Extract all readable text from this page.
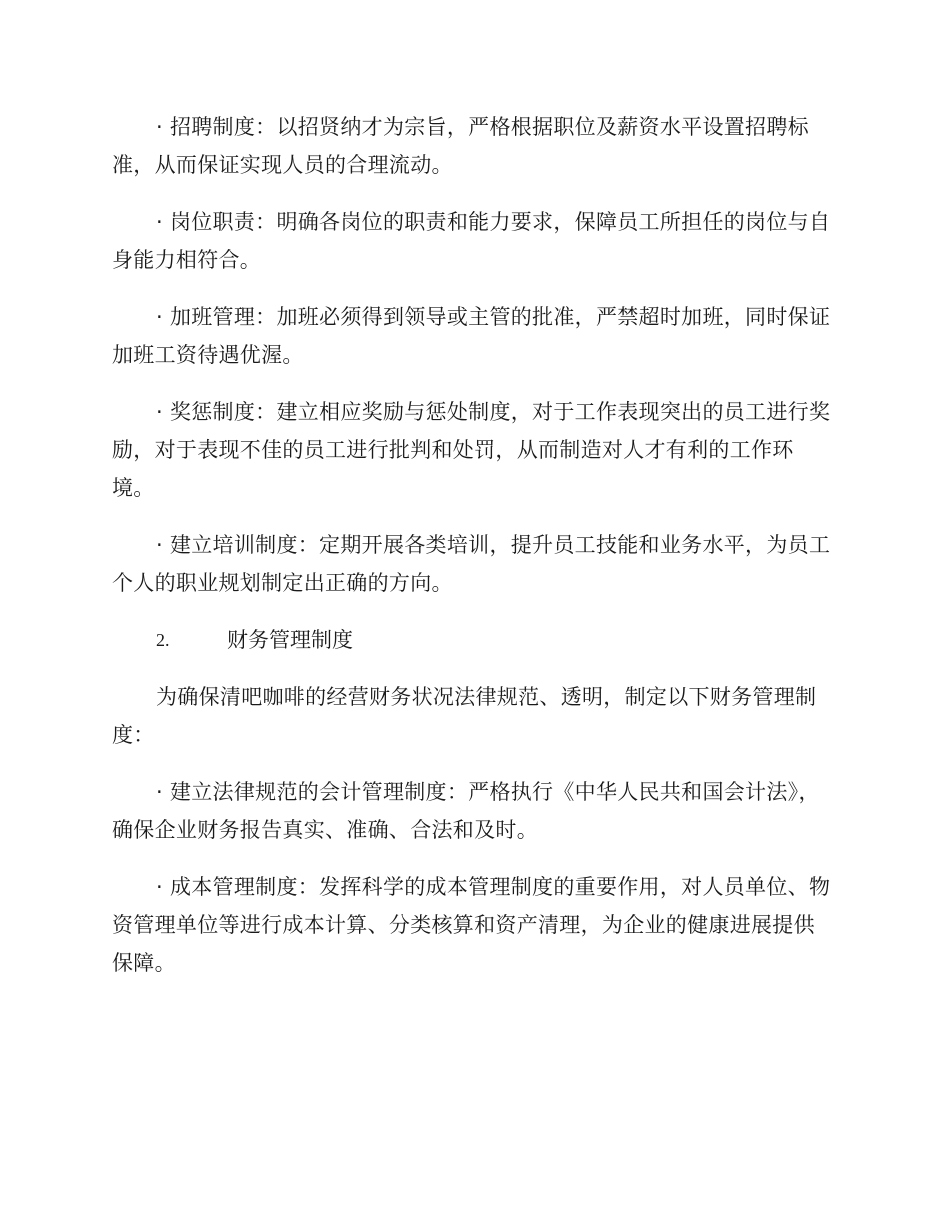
· 招聘制度：以招贤纳才为宗旨，严格根据职位及薪资水平设置招聘标准，从而保证实现人员的合理流动。

· 岗位职责：明确各岗位的职责和能力要求，保障员工所担任的岗位与自身能力相符合。

· 加班管理：加班必须得到领导或主管的批准，严禁超时加班，同时保证加班工资待遇优渥。

· 奖惩制度：建立相应奖励与惩处制度，对于工作表现突出的员工进行奖励，对于表现不佳的员工进行批判和处罚，从而制造对人才有利的工作环境。

· 建立培训制度：定期开展各类培训，提升员工技能和业务水平，为员工个人的职业规划制定出正确的方向。

2.	财务管理制度

为确保清吧咖啡的经营财务状况法律规范、透明，制定以下财务管理制度：

· 建立法律规范的会计管理制度：严格执行《中华人民共和国会计法》，确保企业财务报告真实、准确、合法和及时。

· 成本管理制度：发挥科学的成本管理制度的重要作用，对人员单位、物资管理单位等进行成本计算、分类核算和资产清理，为企业的健康进展提供保障。
